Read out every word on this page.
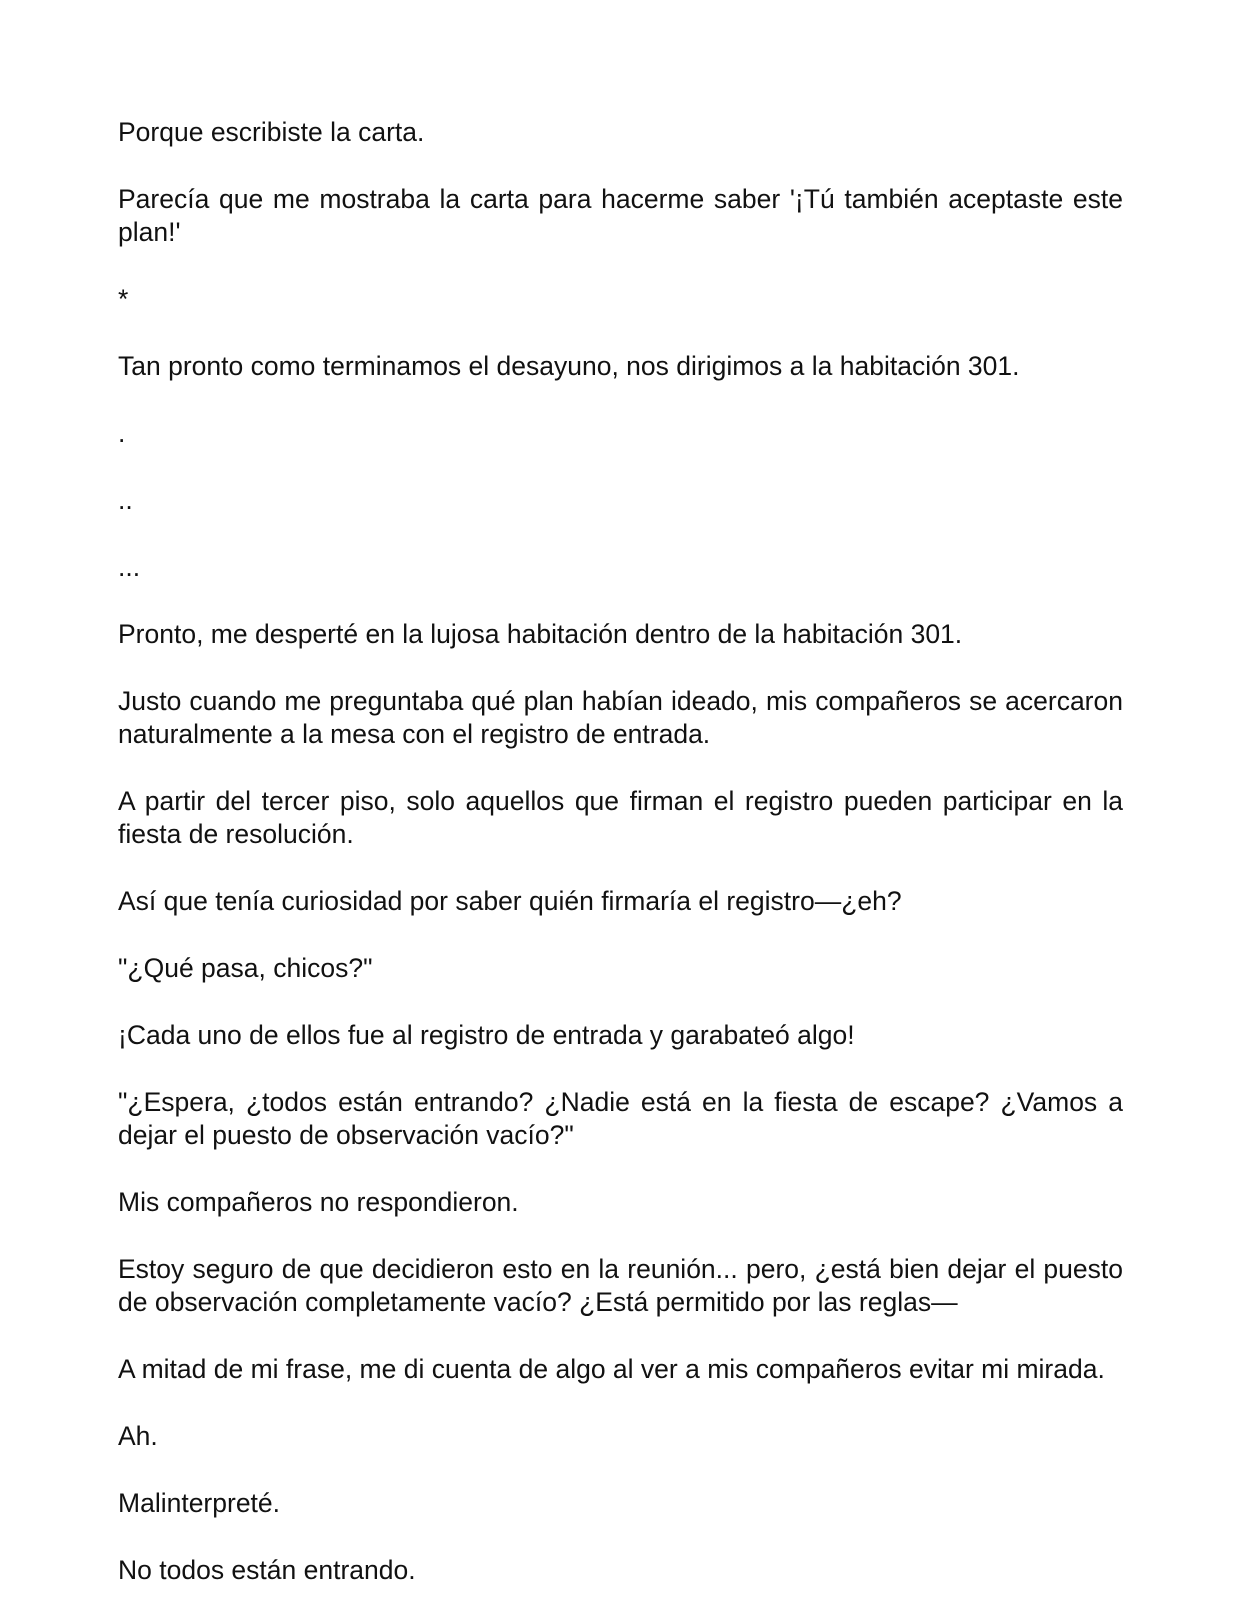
Porque escribiste la carta.

Parecía que me mostraba la carta para hacerme saber '¡Tú también aceptaste este plan!'

*

Tan pronto como terminamos el desayuno, nos dirigimos a la habitación 301.

.

..

...

Pronto, me desperté en la lujosa habitación dentro de la habitación 301.

Justo cuando me preguntaba qué plan habían ideado, mis compañeros se acercaron naturalmente a la mesa con el registro de entrada.

A partir del tercer piso, solo aquellos que firman el registro pueden participar en la fiesta de resolución.

Así que tenía curiosidad por saber quién firmaría el registro—¿eh?

"¿Qué pasa, chicos?"

¡Cada uno de ellos fue al registro de entrada y garabateó algo!

"¿Espera, ¿todos están entrando? ¿Nadie está en la fiesta de escape? ¿Vamos a dejar el puesto de observación vacío?"

Mis compañeros no respondieron.

Estoy seguro de que decidieron esto en la reunión... pero, ¿está bien dejar el puesto de observación completamente vacío? ¿Está permitido por las reglas—

A mitad de mi frase, me di cuenta de algo al ver a mis compañeros evitar mi mirada.

Ah.

Malinterpreté.

No todos están entrando.
